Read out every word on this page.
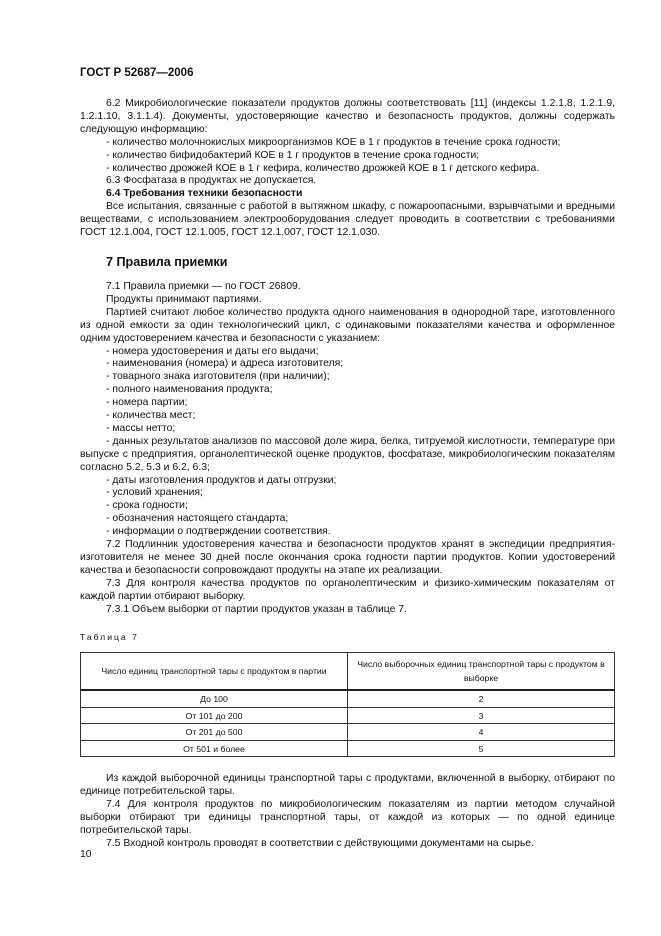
ГОСТ Р 52687—2006

6.2 Микробиологические показатели продуктов должны соответствовать [11] (индексы 1.2.1.8, 1.2.1.9, 1.2.1.10, 3.1.1.4). Документы, удостоверяющие качество и безопасность продуктов, должны содержать следующую информацию:

- количество молочнокислых микроорганизмов КОЕ в 1 г продуктов в течение срока годности;

- количество бифидобактерий КОЕ в 1 г продуктов в течение срока годности;

- количество дрожжей КОЕ в 1 г кефира, количество дрожжей КОЕ в 1 г детского кефира.

6.3 Фосфатаза в продуктах не допускается.

6.4 Требования техники безопасности

Все испытания, связанные с работой в вытяжном шкафу, с пожароопасными, взрывчатыми и вредными веществами, с использованием электрооборудования следует проводить в соответствии с требованиями ГОСТ 12.1.004, ГОСТ 12.1.005, ГОСТ 12.1.007, ГОСТ 12.1.030.

7 Правила приемки

7.1 Правила приемки — по ГОСТ 26809.

Продукты принимают партиями.

Партией считают любое количество продукта одного наименования в однородной таре, изготовленного из одной емкости за один технологический цикл, с одинаковыми показателями качества и оформленное одним удостоверением качества и безопасности с указанием:

- номера удостоверения и даты его выдачи;

- наименования (номера) и адреса изготовителя;

- товарного знака изготовителя (при наличии);

- полного наименования продукта;

- номера партии;

- количества мест;

- массы нетто;

- данных результатов анализов по массовой доле жира, белка, титруемой кислотности, температуре при выпуске с предприятия, органолептической оценке продуктов, фосфатазе, микробиологическим показателям согласно 5.2, 5.3 и 6.2, 6.3;

- даты изготовления продуктов и даты отгрузки;

- условий хранения;

- срока годности;

- обозначения настоящего стандарта;

- информации о подтверждении соответствия.

7.2 Подлинник удостоверения качества и безопасности продуктов хранят в экспедиции предприятия-изготовителя не менее 30 дней после окончания срока годности партии продуктов. Копии удостоверений качества и безопасности сопровождают продукты на этапе их реализации.

7.3 Для контроля качества продуктов по органолептическим и физико-химическим показателям от каждой партии отбирают выборку.

7.3.1 Объем выборки от партии продуктов указан в таблице 7.

Таблица 7
Число единиц транспортной тары с продуктом в партии	Число выборочных единиц транспортной тары с продуктом в выборке
До 100	2
От 101 до 200	3
От 201 до 500	4
От 501 и более	5

Из каждой выборочной единицы транспортной тары с продуктами, включенной в выборку, отбирают по единице потребительской тары.

7.4 Для контроля продуктов по микробиологическим показателям из партии методом случайной выборки отбирают три единицы транспортной тары, от каждой из которых — по одной единице потребительской тары.

7.5 Входной контроль проводят в соответствии с действующими документами на сырье.

10
